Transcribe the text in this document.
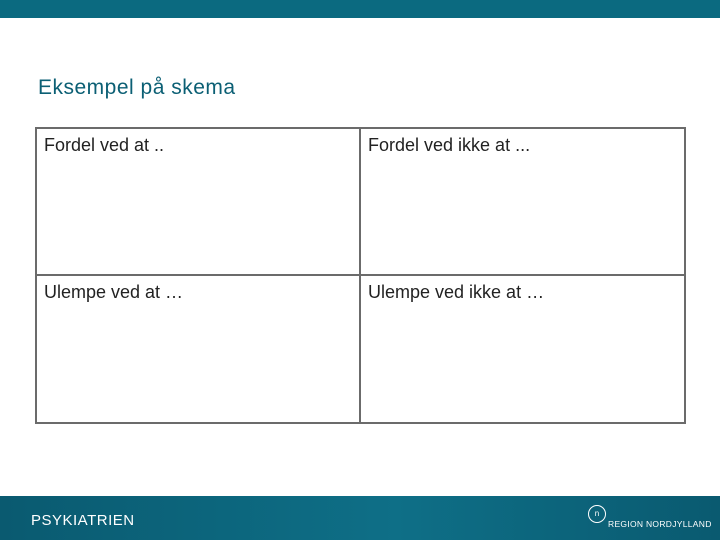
Eksempel på skema
Fordel ved at ..	Fordel ved ikke at ...
Ulempe ved at …	Ulempe ved ikke at …
PSYKIATRIEN	n
REGION NORDJYLLAND
